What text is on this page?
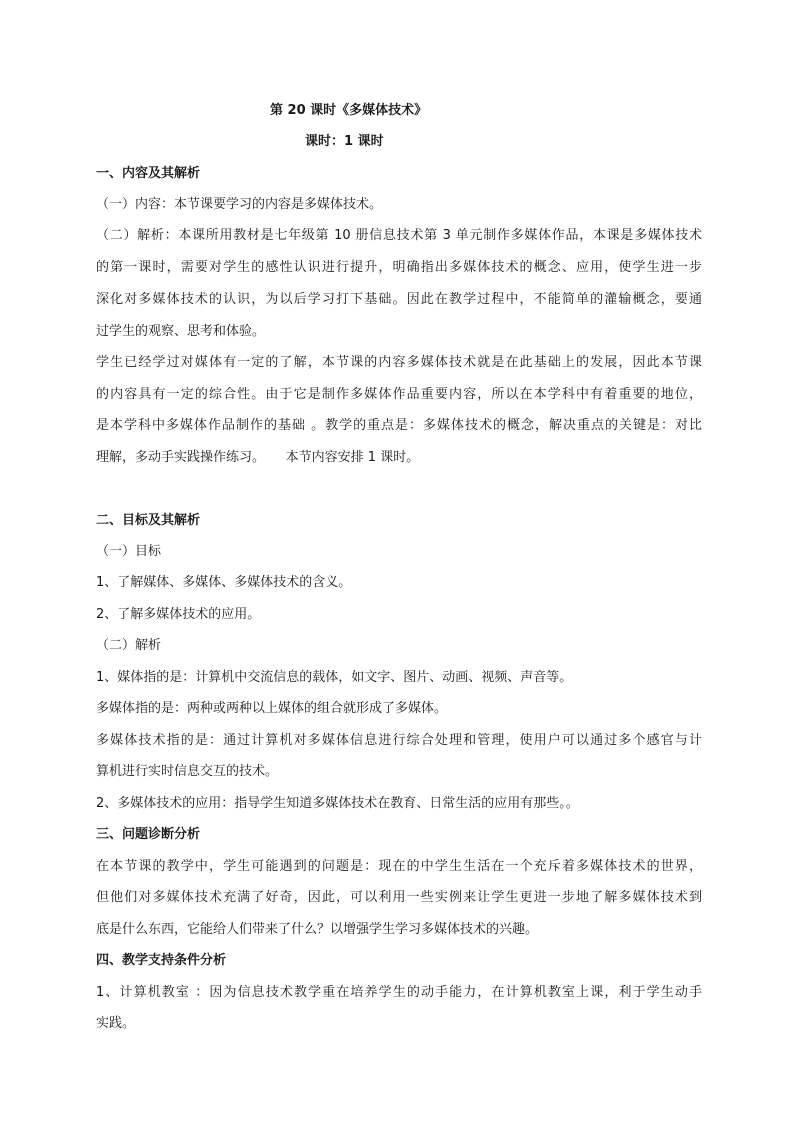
第 20 课时《多媒体技术》
课时：1 课时
一、内容及其解析
（一）内容：本节课要学习的内容是多媒体技术。
（二）解析：本课所用教材是七年级第 10 册信息技术第 3 单元制作多媒体作品，本课是多媒体技术
的第一课时，需要对学生的感性认识进行提升，明确指出多媒体技术的概念、应用，使学生进一步
深化对多媒体技术的认识，为以后学习打下基础。因此在教学过程中，不能简单的灌输概念，要通
过学生的观察、思考和体验。
学生已经学过对媒体有一定的了解，本节课的内容多媒体技术就是在此基础上的发展，因此本节课
的内容具有一定的综合性。由于它是制作多媒体作品重要内容，所以在本学科中有着重要的地位，
是本学科中多媒体作品制作的基础 。教学的重点是：多媒体技术的概念，解决重点的关键是：对比
理解，多动手实践操作练习。     本节内容安排 1 课时。
二、目标及其解析
（一）目标
1、了解媒体、多媒体、多媒体技术的含义。
2、了解多媒体技术的应用。
（二）解析
1、媒体指的是：计算机中交流信息的载体，如文字、图片、动画、视频、声音等。
多媒体指的是：两种或两种以上媒体的组合就形成了多媒体。
多媒体技术指的是：通过计算机对多媒体信息进行综合处理和管理，使用户可以通过多个感官与计
算机进行实时信息交互的技术。
2、多媒体技术的应用：指导学生知道多媒体技术在教育、日常生活的应用有那些。。
三、问题诊断分析
在本节课的教学中，学生可能遇到的问题是：现在的中学生生活在一个充斥着多媒体技术的世界，
但他们对多媒体技术充满了好奇，因此，可以利用一些实例来让学生更进一步地了解多媒体技术到
底是什么东西，它能给人们带来了什么？以增强学生学习多媒体技术的兴趣。
四、教学支持条件分析
1、计算机教室 ：因为信息技术教学重在培养学生的动手能力，在计算机教室上课，利于学生动手
实践。
